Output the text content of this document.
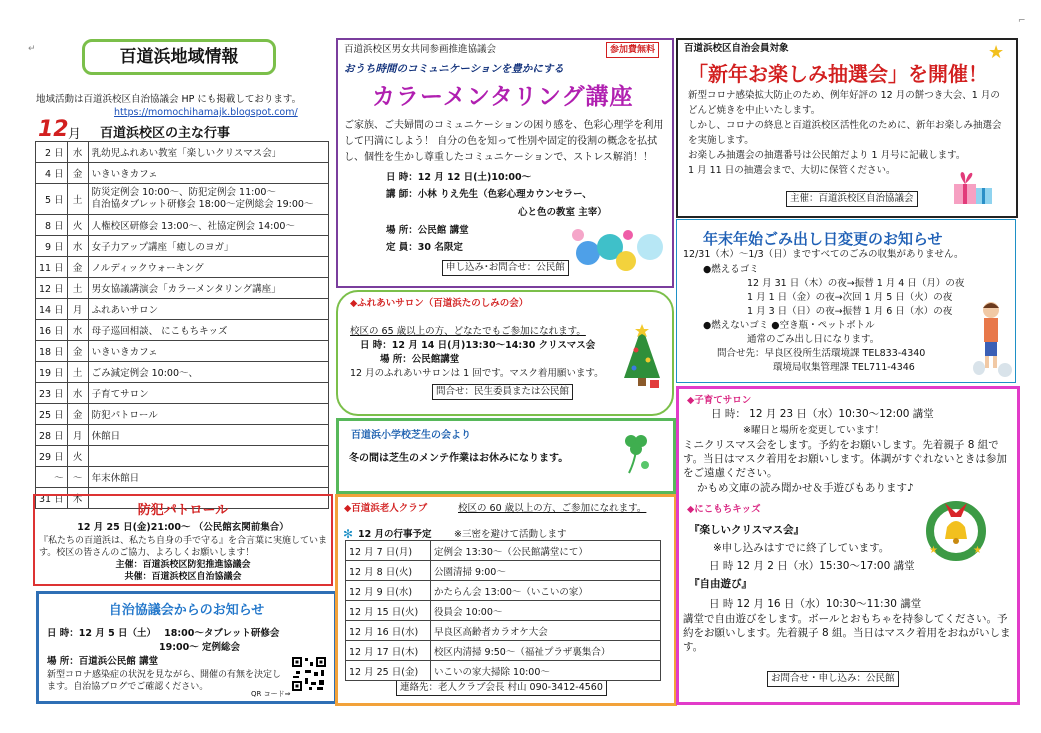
↵
⌐
百道浜地域情報
地域活動は百道浜校区自治協議会 HP にも掲載しております。
https://momochihamajk.blogspot.com/
12 月 百道浜校区の主な行事
2 日	水	乳幼児ふれあい教室「楽しいクリスマス会」
4 日	金	いきいきカフェ
5 日	土	防災定例会 10:00〜、防犯定例会 11:00〜
自治協タブレット研修会 18:00〜定例総会 19:00〜

8 日	火	人権校区研修会 13:00〜、社協定例会 14:00〜
9 日	水	女子力アップ講座「癒しのヨガ」
11 日	金	ノルディックウォーキング
12 日	土	男女協議講演会「カラーメンタリング講座」
14 日	月	ふれあいサロン
16 日	水	母子巡回相談、 にこもちキッズ
18 日	金	いきいきカフェ
19 日	土	ごみ減定例会 10:00〜、
23 日	水	子育てサロン
25 日	金	防犯パトロール
28 日	月	休館日
29 日	火	
〜	〜	年末休館日
31 日	木	
防犯パトロール
12 月 25 日(金)21:00〜 （公民館玄関前集合）
『私たちの百道浜は、私たち自身の手で守る』を合言葉に実施しています。校区の皆さんのご協力、よろしくお願いします！
主催：百道浜校区防犯推進協議会
共催：百道浜校区自治協議会
自治協議会からのお知らせ
日 時：12 月 5 日（土）　 18:00〜タブレット研修会
19:00〜 定例総会
場 所：百道浜公民館 講堂
新型コロナ感染症の状況を見ながら、開催の有無を決定します。自治協ブログでご確認ください。
QR コード⇒
百道浜校区男女共同参画推進協議会	参加費無料
おうち時間のコミュニケーションを豊かにする
カラーメンタリング講座
ご家族、ご夫婦間のコミュニケーションの困り感を、色彩心理学を利用して円満にしよう！ 自分の色を知って性別や固定的役割の概念を払拭し、個性を生かし尊重したコミュニケーションで、ストレス解消！！
日 時：12 月 12 日(土)10:00〜
講 師：小林 りえ先生（色彩心理カウンセラー、
心と色の教室 主宰）
場 所：公民館 講堂
定 員：30 名限定
申し込み･お問合せ：公民館
◆ふれあいサロン（百道浜たのしみの会）
校区の 65 歳以上の方、どなたでもご参加になれます。
日 時：12 月 14 日(月)13:30〜14:30 クリスマス会
場 所：公民館講堂
12 月のふれあいサロンは 1 回です。マスク着用願います。
問合せ：民生委員または公民館
百道浜小学校芝生の会より
冬の間は芝生のメンテ作業はお休みになります。
◆百道浜老人クラブ	校区の 60 歳以上の方、ご参加になれます。
✻ 12 月の行事予定 ※三密を避けて活動します
連絡先：老人クラブ会長 村山 090-3412-4560
12 月 7 日(月)	定例会 13:30〜（公民館講堂にて）
12 月 8 日(火)	公園清掃 9:00〜
12 月 9 日(水)	かたらん会 13:00〜（いこいの家）
12 月 15 日(火)	役員会 10:00〜
12 月 16 日(水)	早良区高齢者カラオケ大会
12 月 17 日(木)	校区内清掃 9:50〜（福祉プラザ裏集合）
12 月 25 日(金)	いこいの家大掃除 10:00〜
百道浜校区自治会員対象
「新年お楽しみ抽選会」を開催！
★
新型コロナ感染拡大防止のため、例年好評の 12 月の餅つき大会、1 月のどんど焼きを中止いたします。
しかし、コロナの終息と百道浜校区活性化のために、新年お楽しみ抽選会を実施します。
お楽しみ抽選会の抽選番号は公民館だより 1 月号に記載します。
1 月 11 日の抽選会まで、大切に保管ください。
主催：百道浜校区自治協議会
年末年始ごみ出し日変更のお知らせ
12/31（木）〜1/3（日）まですべてのごみの収集がありません。
●燃えるゴミ
12 月 31 日（木）の夜→振替 1 月 4 日（月）の夜
1 月 1 日（金）の夜→次回 1 月 5 日（火）の夜
1 月 3 日（日）の夜→振替 1 月 6 日（水）の夜
●燃えないゴミ ●空き瓶・ペットボトル
通常のごみ出し日になります。
問合せ先：早良区役所生活環境課 TEL833-4340
環境局収集管理課 TEL711-4346
◆子育てサロン
日 時： 12 月 23 日（水）10:30〜12:00 講堂
※曜日と場所を変更しています！
ミニクリスマス会をします。予約をお願いします。先着親子 8 組です。当日はマスク着用をお願いします。体調がすぐれないときは参加をご遠慮ください。
かもめ文庫の読み聞かせ＆手遊びもあります♪
◆にこもちキッズ
『楽しいクリスマス会』
※申し込みはすでに終了しています。
日 時 12 月 2 日（水）15:30〜17:00 講堂
『自由遊び』
日 時 12 月 16 日（水）10:30〜11:30 講堂
講堂で自由遊びをします。ボールとおもちゃを持参してください。予約をお願いします。先着親子 8 組。当日はマスク着用をおねがいします。
お問合せ・申し込み：公民館
★	★
